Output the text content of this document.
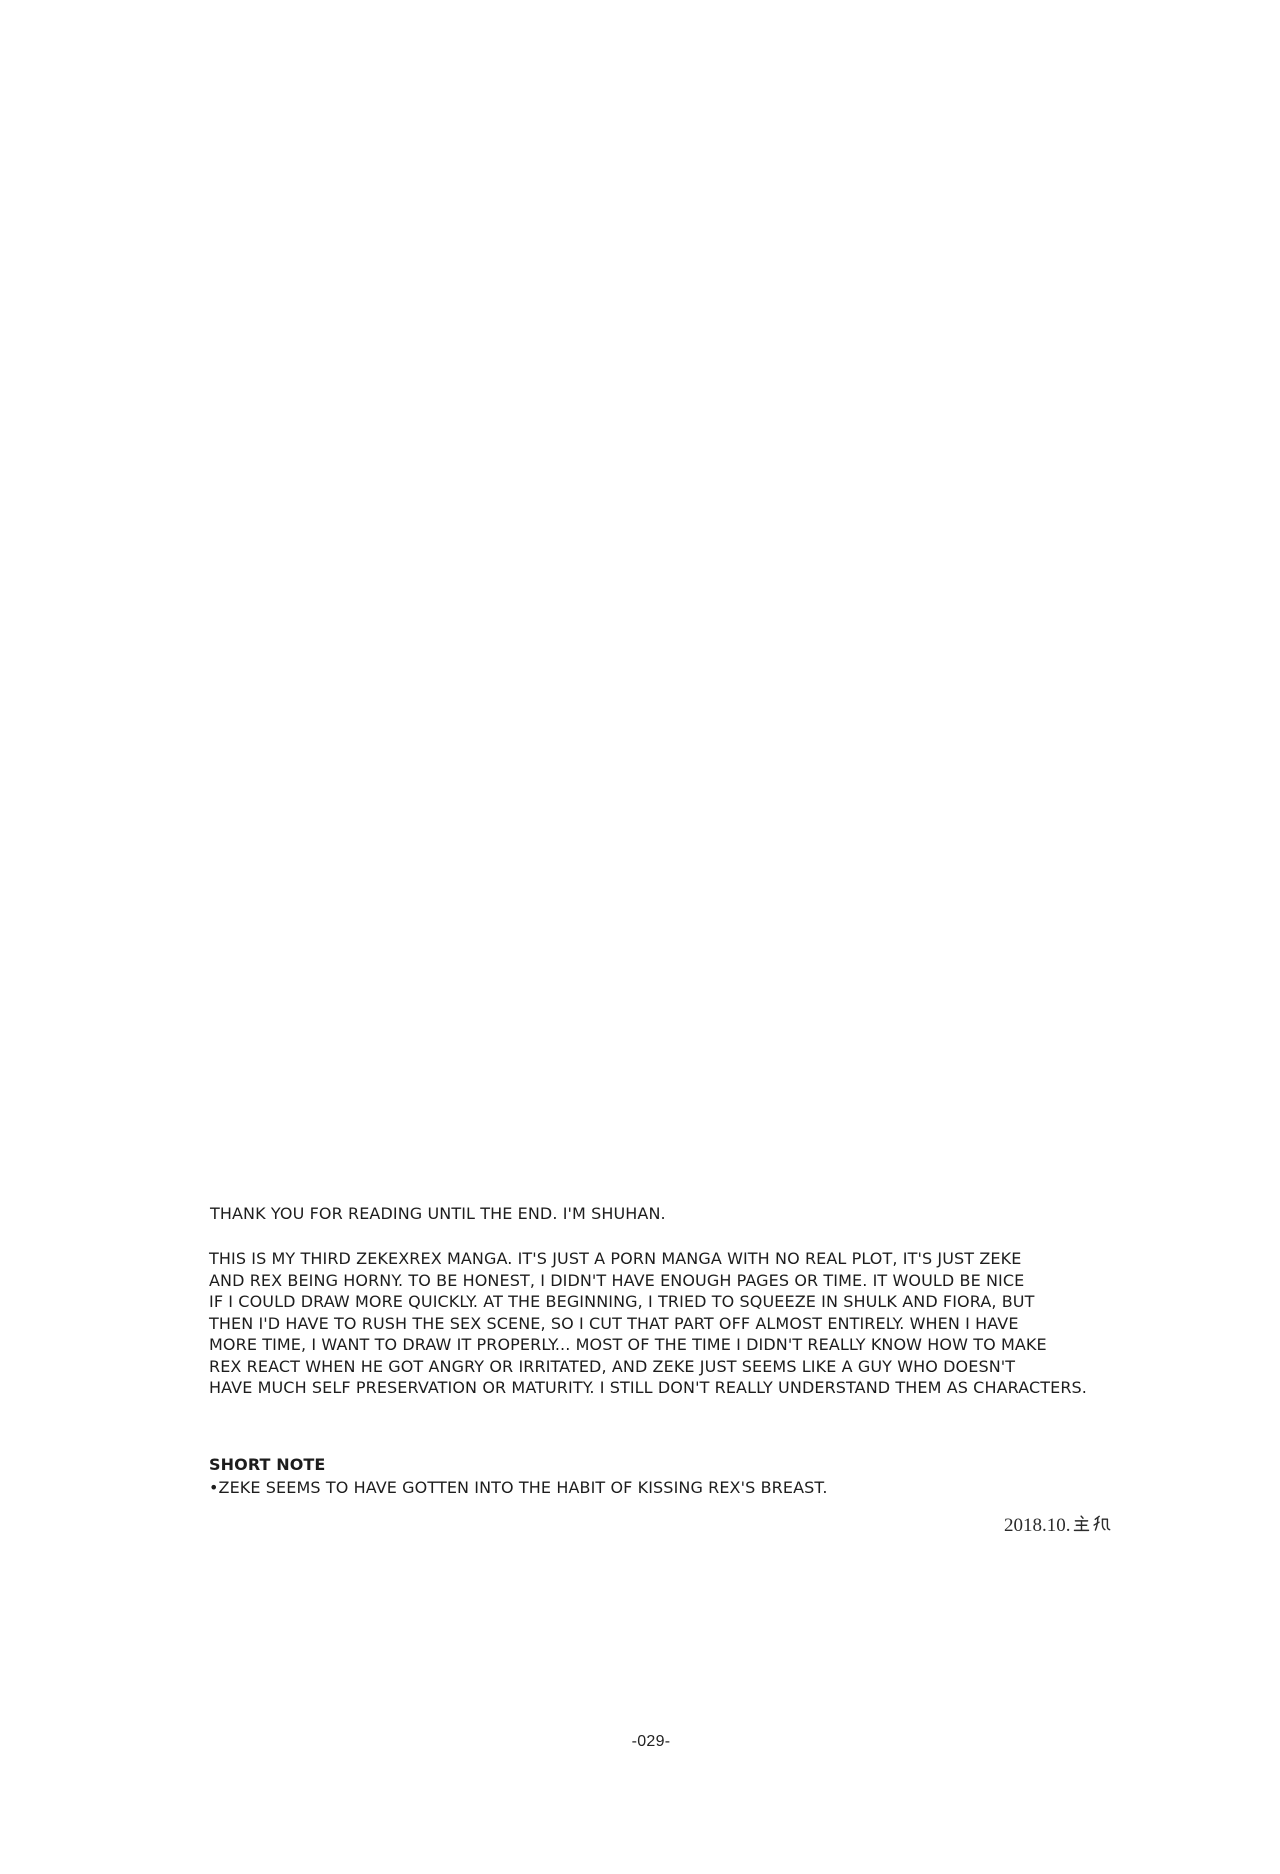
THANK YOU FOR READING UNTIL THE END. I'M SHUHAN.
THIS IS MY THIRD ZEKEXREX MANGA. IT'S JUST A PORN MANGA WITH NO REAL PLOT, IT'S JUST ZEKE
AND REX BEING HORNY. TO BE HONEST, I DIDN'T HAVE ENOUGH PAGES OR TIME. IT WOULD BE NICE
IF I COULD DRAW MORE QUICKLY. AT THE BEGINNING, I TRIED TO SQUEEZE IN SHULK AND FIORA, BUT
THEN I'D HAVE TO RUSH THE SEX SCENE, SO I CUT THAT PART OFF ALMOST ENTIRELY. WHEN I HAVE
MORE TIME, I WANT TO DRAW IT PROPERLY... MOST OF THE TIME I DIDN'T REALLY KNOW HOW TO MAKE
REX REACT WHEN HE GOT ANGRY OR IRRITATED, AND ZEKE JUST SEEMS LIKE A GUY WHO DOESN'T
HAVE MUCH SELF PRESERVATION OR MATURITY. I STILL DON'T REALLY UNDERSTAND THEM AS CHARACTERS.
SHORT NOTE
•ZEKE SEEMS TO HAVE GOTTEN INTO THE HABIT OF KISSING REX'S BREAST.
2018.10.
-029-
